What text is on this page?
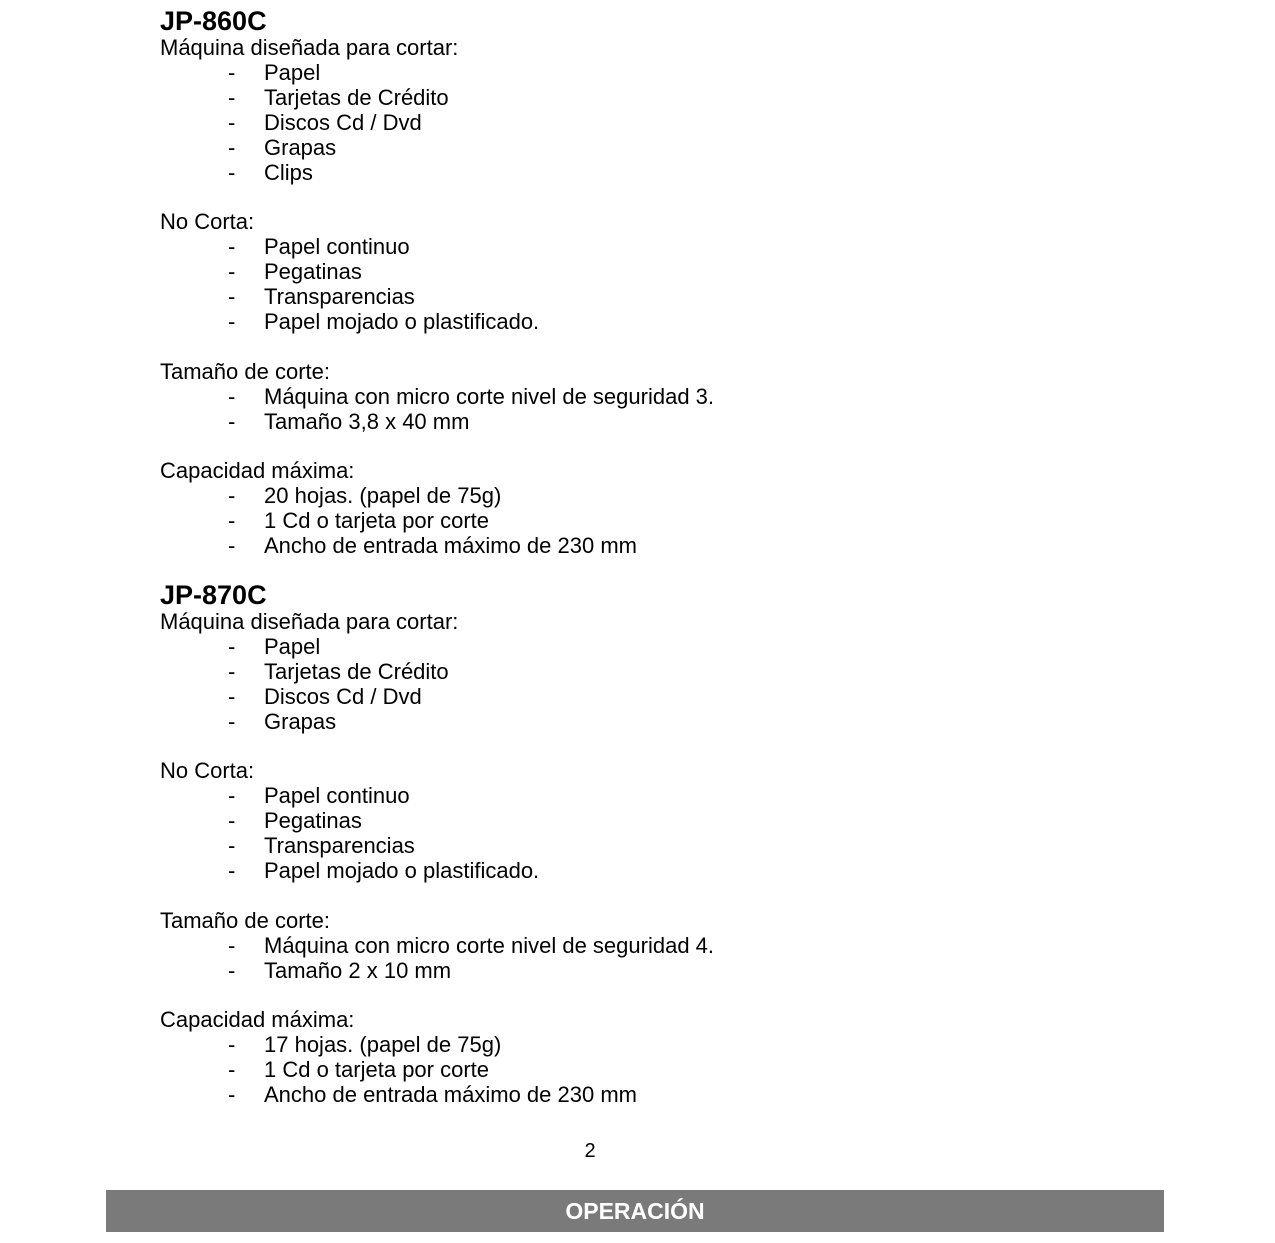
JP-860C

Máquina diseñada para cortar:

- Papel
- Tarjetas de Crédito
- Discos Cd / Dvd
- Grapas
- Clips

No Corta:

- Papel continuo
- Pegatinas
- Transparencias
- Papel mojado o plastificado.

Tamaño de corte:

- Máquina con micro corte nivel de seguridad 3.
- Tamaño 3,8 x 40 mm

Capacidad máxima:

- 20 hojas. (papel de 75g)
- 1 Cd o tarjeta por corte
- Ancho de entrada máximo de 230 mm
JP-870C

Máquina diseñada para cortar:

- Papel
- Tarjetas de Crédito
- Discos Cd / Dvd
- Grapas

No Corta:

- Papel continuo
- Pegatinas
- Transparencias
- Papel mojado o plastificado.

Tamaño de corte:

- Máquina con micro corte nivel de seguridad 4.
- Tamaño 2 x 10 mm

Capacidad máxima:

- 17 hojas. (papel de 75g)
- 1 Cd o tarjeta por corte
- Ancho de entrada máximo de 230 mm
2
OPERACIÓN
